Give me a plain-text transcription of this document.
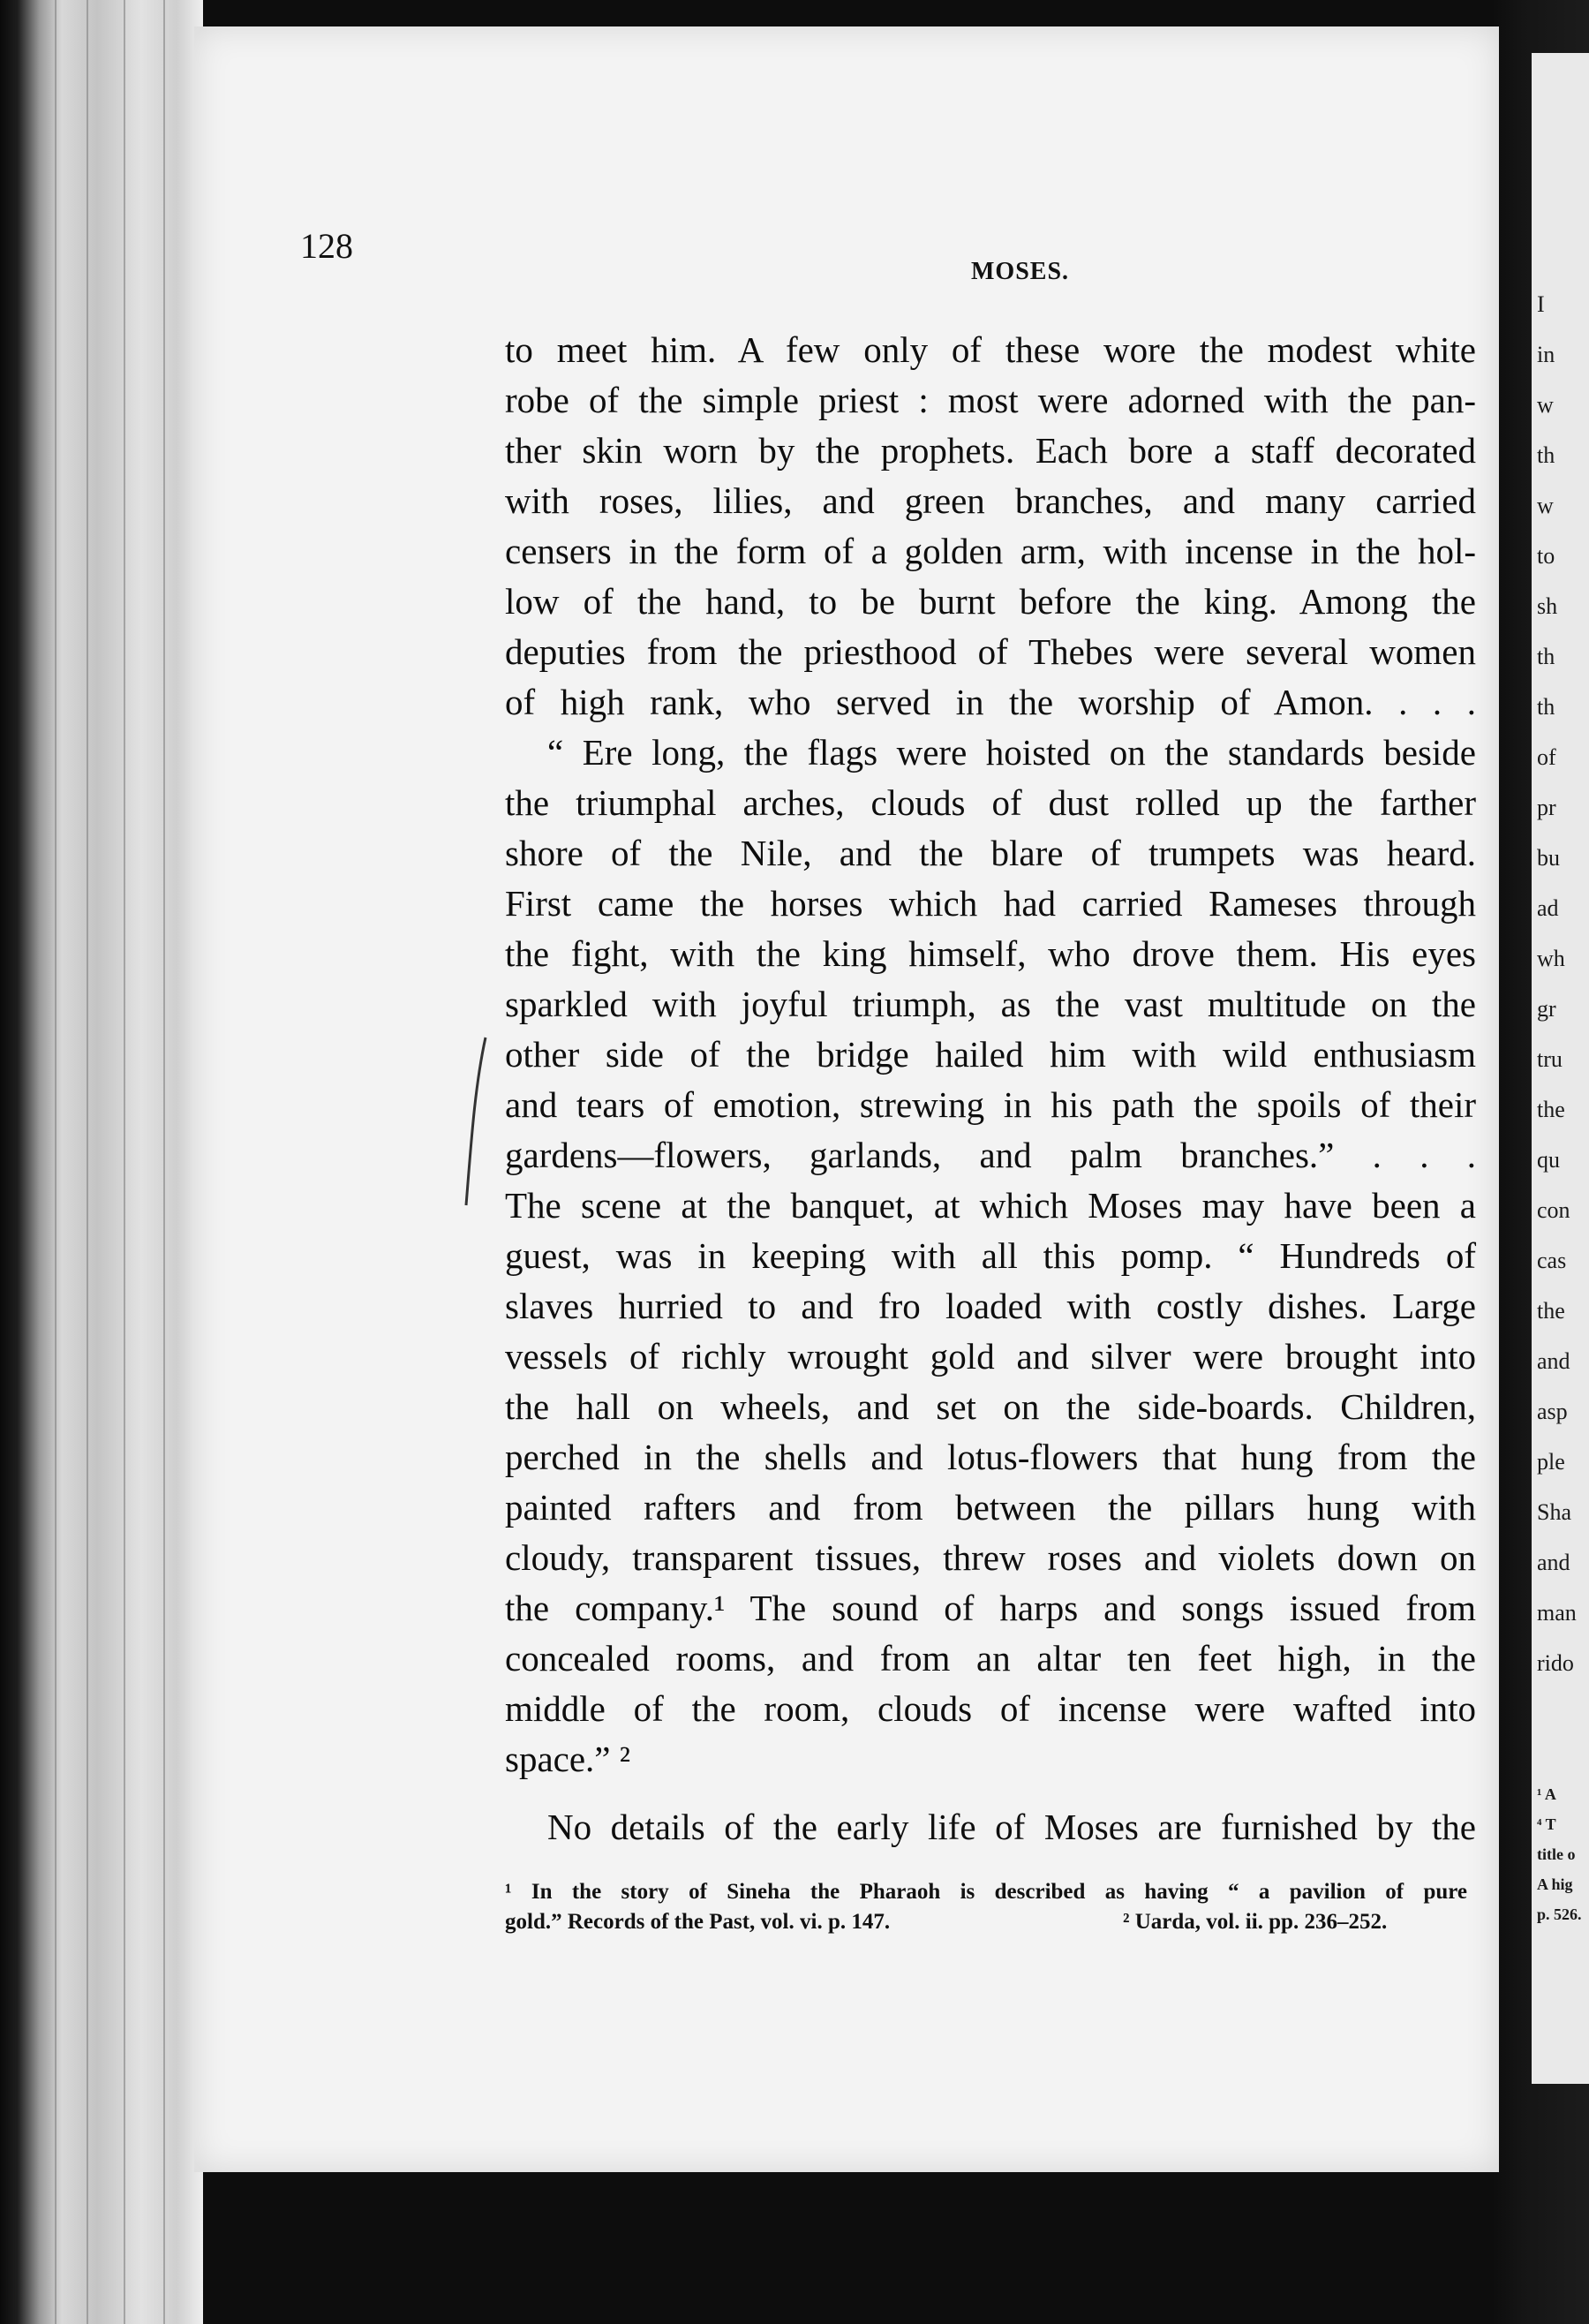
I
in
w
th
w
to
sh
th
th
of
pr
bu
ad
wh
gr
tru
the
qu
con
cas
the
and
asp
ple
Sha
and
man
rido
¹ A
⁴ T
title o
A hig
p. 526.
128
MOSES.
to meet him. A few only of these wore the modest white
robe of the simple priest : most were adorned with the pan-
ther skin worn by the prophets. Each bore a staff decorated
with roses, lilies, and green branches, and many carried
censers in the form of a golden arm, with incense in the hol-
low of the hand, to be burnt before the king. Among the
deputies from the priesthood of Thebes were several women
of high rank, who served in the worship of Amon. . . .
“ Ere long, the flags were hoisted on the standards beside
the triumphal arches, clouds of dust rolled up the farther
shore of the Nile, and the blare of trumpets was heard.
First came the horses which had carried Rameses through
the fight, with the king himself, who drove them. His eyes
sparkled with joyful triumph, as the vast multitude on the
other side of the bridge hailed him with wild enthusiasm
and tears of emotion, strewing in his path the spoils of their
gardens—flowers, garlands, and palm branches.” . . .
The scene at the banquet, at which Moses may have been a
guest, was in keeping with all this pomp. “ Hundreds of
slaves hurried to and fro loaded with costly dishes. Large
vessels of richly wrought gold and silver were brought into
the hall on wheels, and set on the side-boards. Children,
perched in the shells and lotus-flowers that hung from the
painted rafters and from between the pillars hung with
cloudy, transparent tissues, threw roses and violets down on
the company.¹ The sound of harps and songs issued from
concealed rooms, and from an altar ten feet high, in the
middle of the room, clouds of incense were wafted into
space.” ²
No details of the early life of Moses are furnished by the
¹ In the story of Sineha the Pharaoh is described as having “ a pavilion of pure
gold.” Records of the Past, vol. vi. p. 147.	² Uarda, vol. ii. pp. 236–252.
